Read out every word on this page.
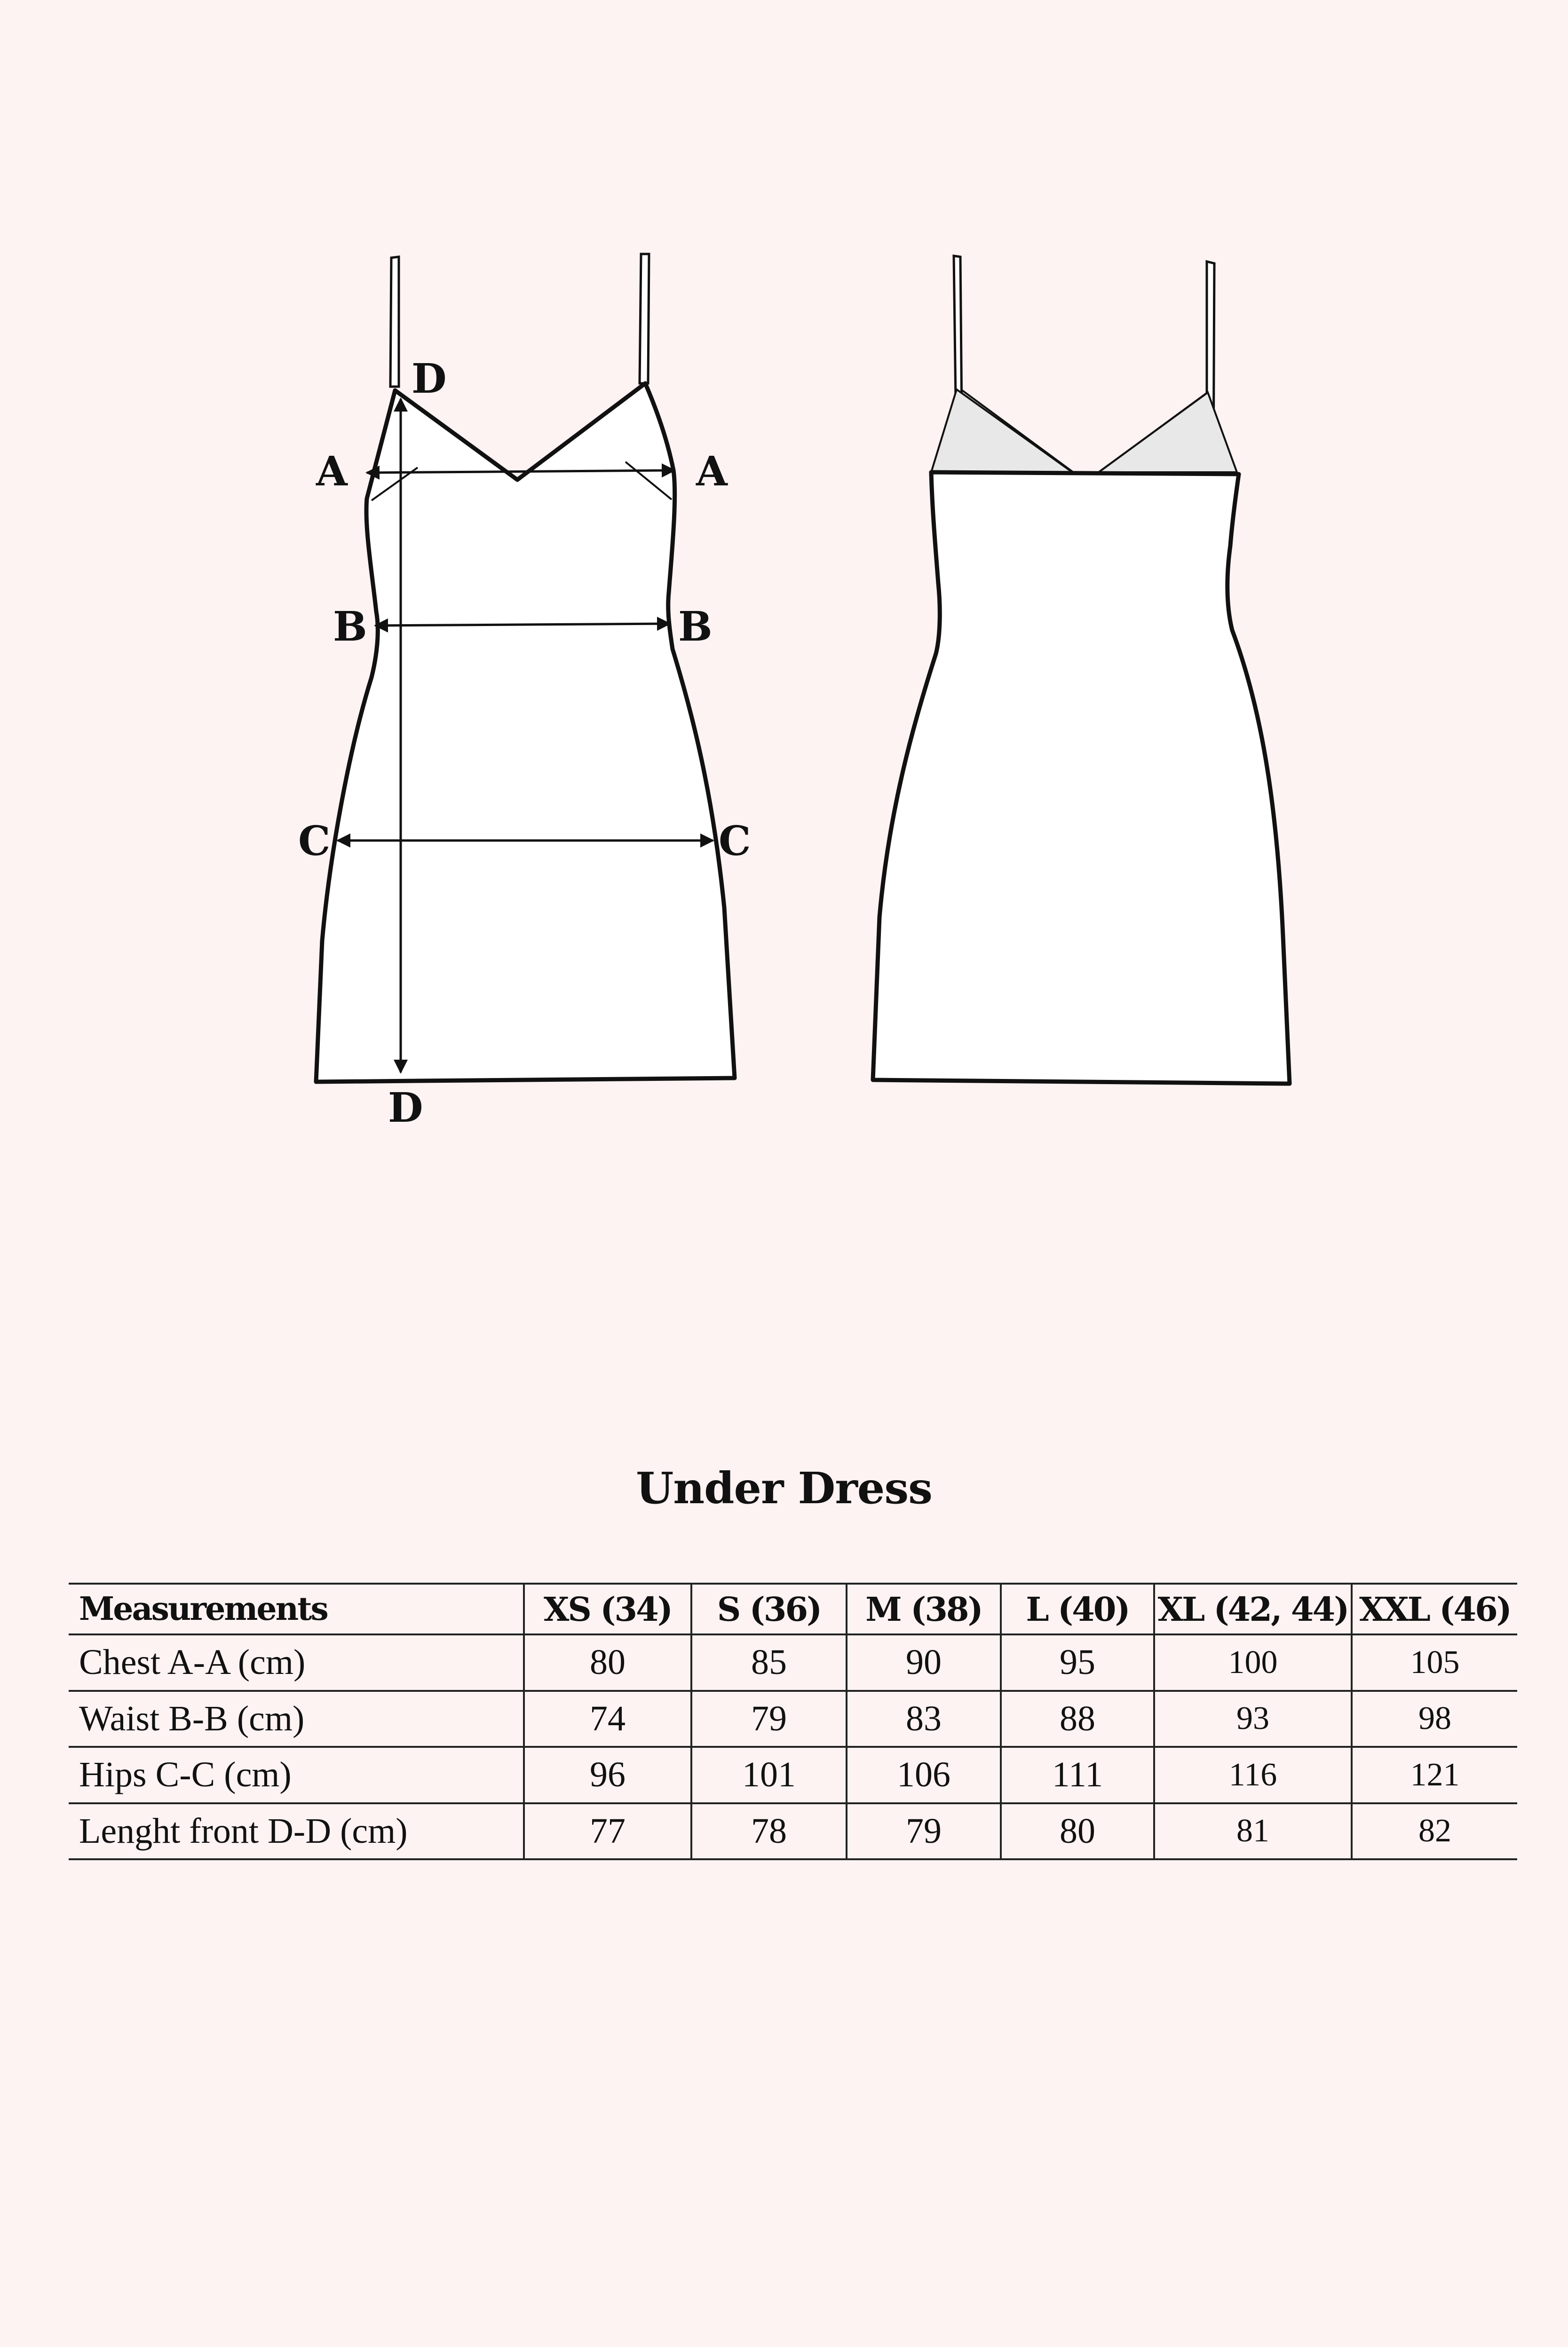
D
A	A
B	B
C	C
D
Under Dress
Measurements	XS (34)	S (36)	M (38)	L (40)	XL (42, 44)	XXL (46)
Chest A-A (cm)	80	85	90	95	100	105
Waist B-B (cm)	74	79	83	88	93	98
Hips C-C (cm)	96	101	106	111	116	121
Lenght front D-D (cm)	77	78	79	80	81	82
